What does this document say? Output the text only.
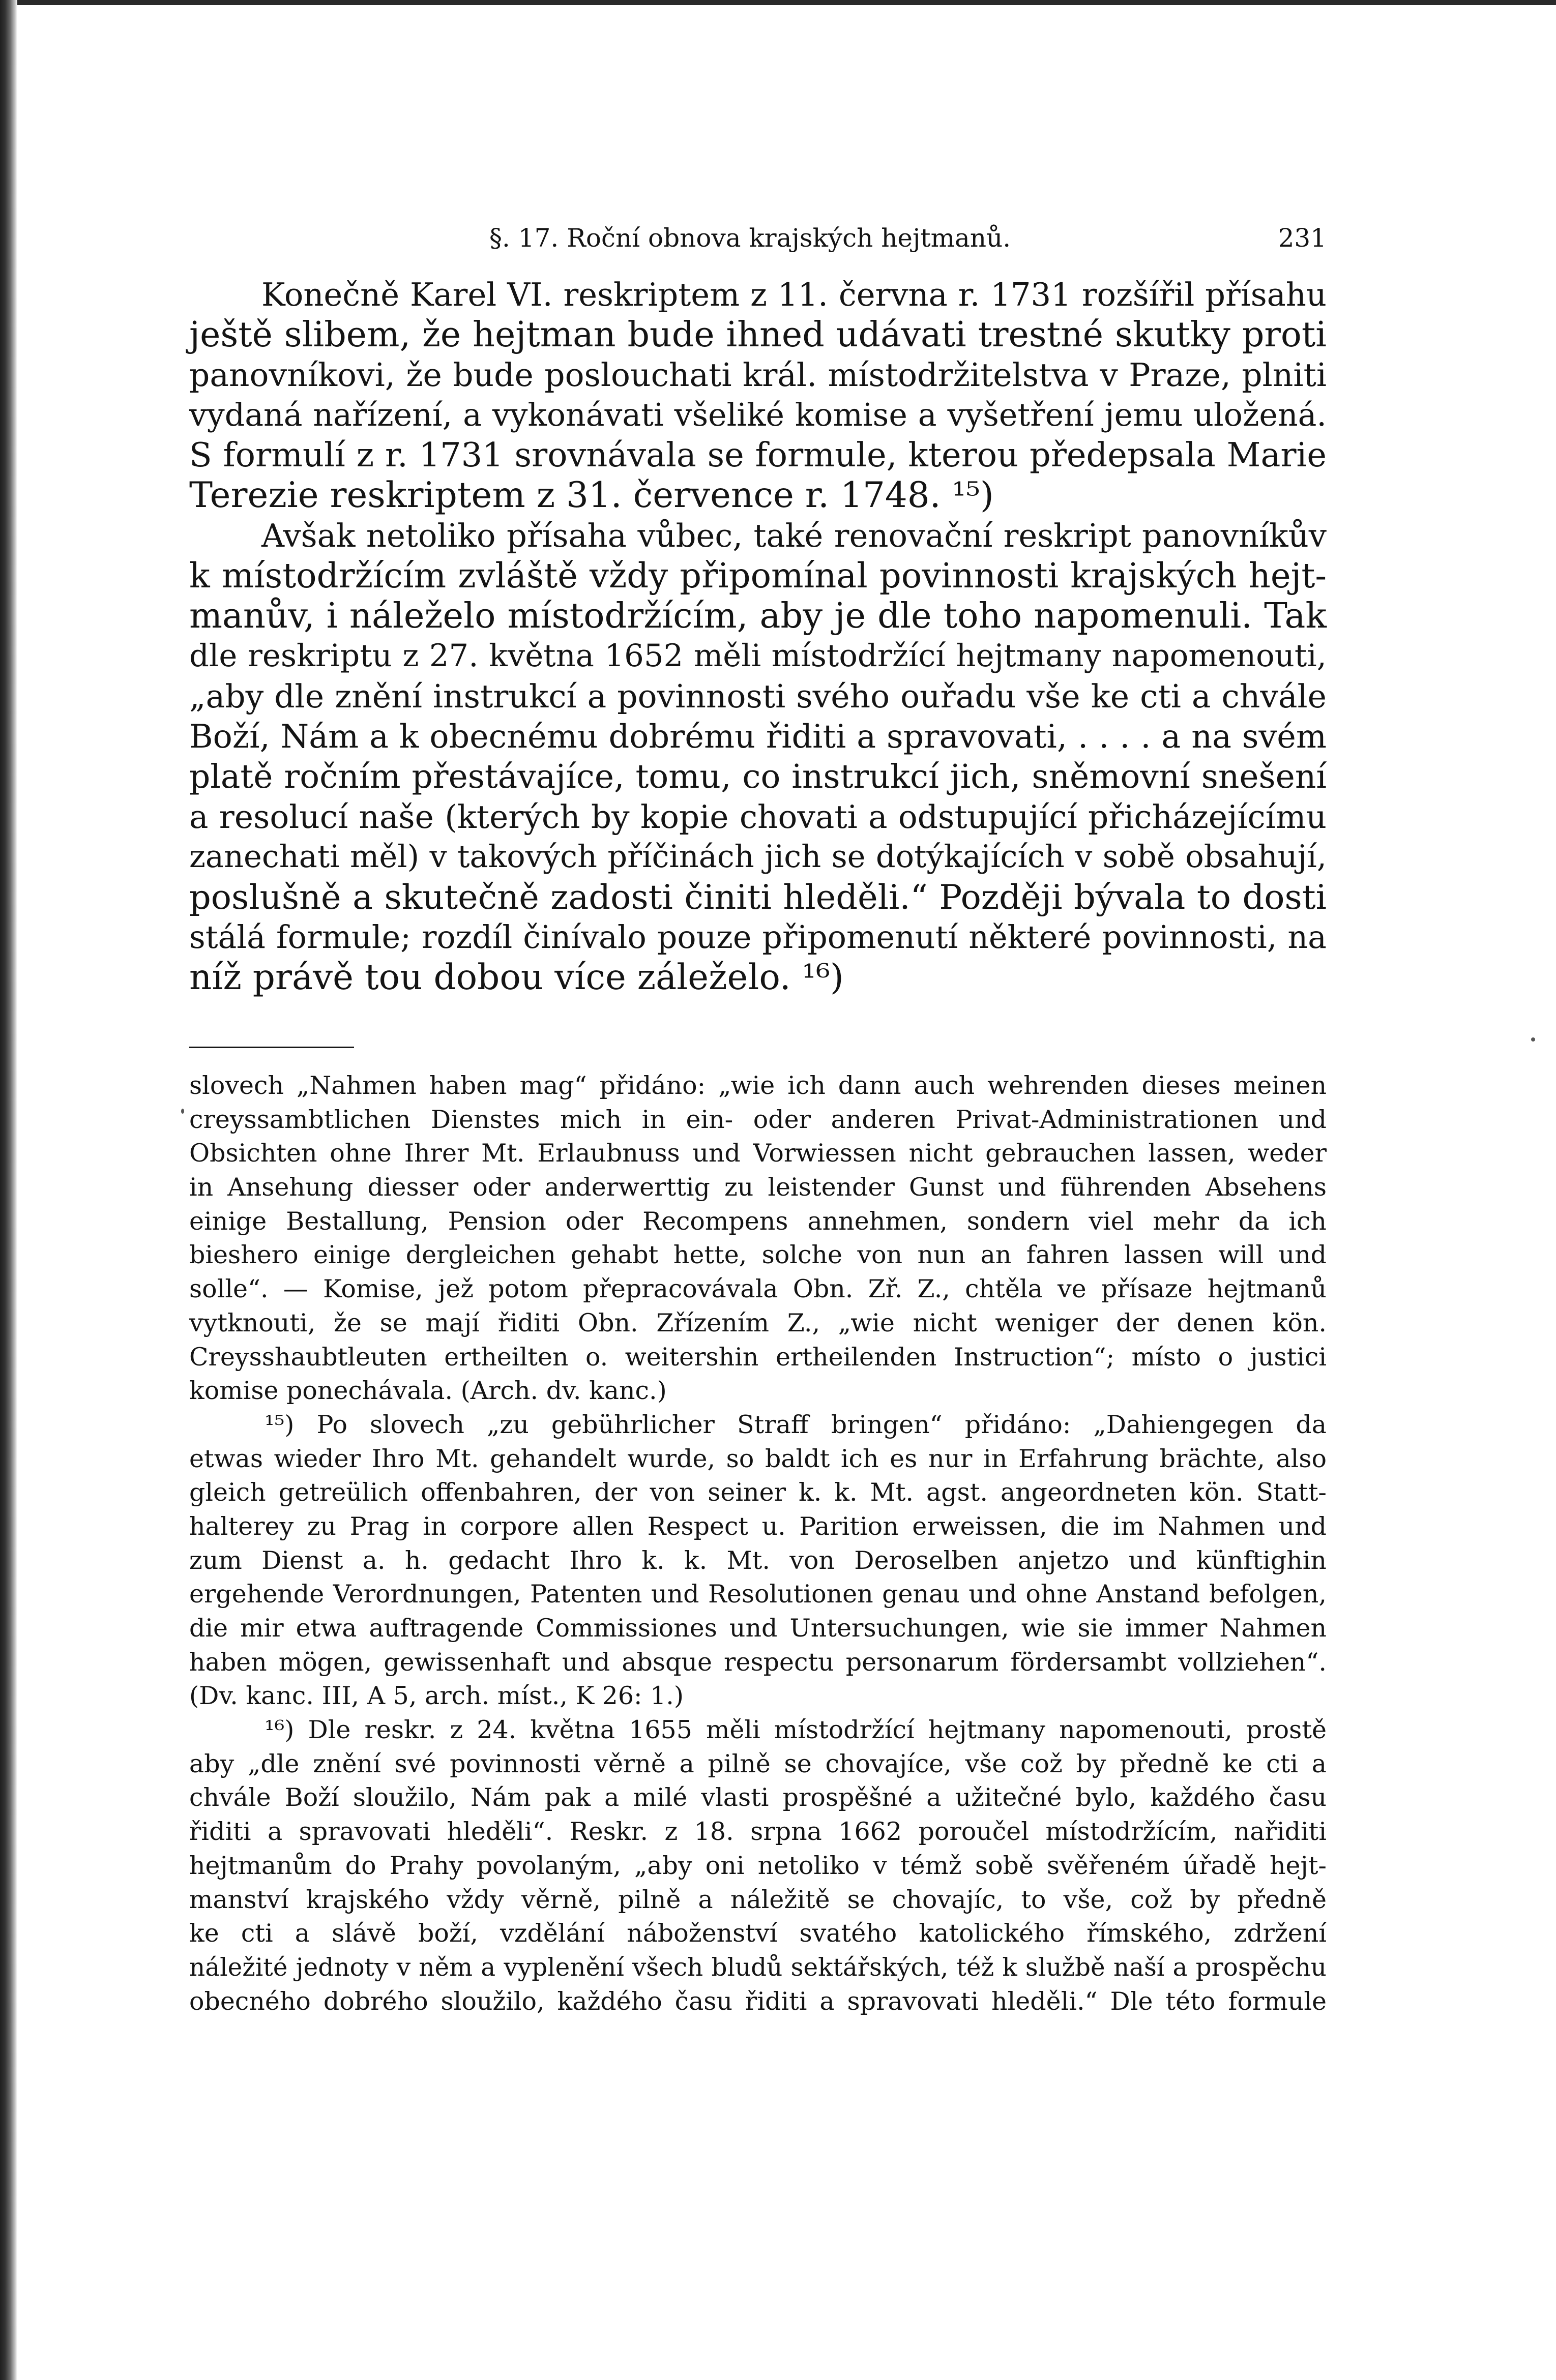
§. 17. Roční obnova krajských hejtmanů.	231
Konečně Karel VI. reskriptem z 11. června r. 1731 rozšířil přísahu
ještě slibem, že hejtman bude ihned udávati trestné skutky proti
panovníkovi, že bude poslouchati král. místodržitelstva v Praze, plniti
vydaná nařízení, a vykonávati všeliké komise a vyšetření jemu uložená.
S formulí z r. 1731 srovnávala se formule, kterou předepsala Marie
Terezie reskriptem z 31. července r. 1748. ¹⁵)
Avšak netoliko přísaha vůbec, také renovační reskript panovníkův
k místodržícím zvláště vždy připomínal povinnosti krajských hejt-
manův, i náleželo místodržícím, aby je dle toho napomenuli. Tak
dle reskriptu z 27. května 1652 měli místodržící hejtmany napomenouti,
„aby dle znění instrukcí a povinnosti svého ouřadu vše ke cti a chvále
Boží, Nám a k obecnému dobrému řiditi a spravovati, . . . . a na svém
platě ročním přestávajíce, tomu, co instrukcí jich, sněmovní snešení
a resolucí naše (kterých by kopie chovati a odstupující přicházejícímu
zanechati měl) v takových příčinách jich se dotýkajících v sobě obsahují,
poslušně a skutečně zadosti činiti hleděli.“ Později bývala to dosti
stálá formule; rozdíl činívalo pouze připomenutí některé povinnosti, na
níž právě tou dobou více záleželo. ¹⁶)
slovech „Nahmen haben mag“ přidáno: „wie ich dann auch wehrenden dieses meinen
creyssambtlichen Dienstes mich in ein- oder anderen Privat-Administrationen und
Obsichten ohne Ihrer Mt. Erlaubnuss und Vorwiessen nicht gebrauchen lassen, weder
in Ansehung diesser oder anderwerttig zu leistender Gunst und führenden Absehens
einige Bestallung, Pension oder Recompens annehmen, sondern viel mehr da ich
bieshero einige dergleichen gehabt hette, solche von nun an fahren lassen will und
solle“. — Komise, jež potom přepracovávala Obn. Zř. Z., chtěla ve přísaze hejtmanů
vytknouti, že se mají řiditi Obn. Zřízením Z., „wie nicht weniger der denen kön.
Creysshaubtleuten ertheilten o. weitershin ertheilenden Instruction“; místo o justici
komise ponechávala. (Arch. dv. kanc.)
¹⁵) Po slovech „zu gebührlicher Straff bringen“ přidáno: „Dahiengegen da
etwas wieder Ihro Mt. gehandelt wurde, so baldt ich es nur in Erfahrung brächte, also
gleich getreülich offenbahren, der von seiner k. k. Mt. agst. angeordneten kön. Statt-
halterey zu Prag in corpore allen Respect u. Parition erweissen, die im Nahmen und
zum Dienst a. h. gedacht Ihro k. k. Mt. von Deroselben anjetzo und künftighin
ergehende Verordnungen, Patenten und Resolutionen genau und ohne Anstand befolgen,
die mir etwa auftragende Commissiones und Untersuchungen, wie sie immer Nahmen
haben mögen, gewissenhaft und absque respectu personarum fördersambt vollziehen“.
(Dv. kanc. III, A 5, arch. míst., K 26: 1.)
¹⁶) Dle reskr. z 24. května 1655 měli místodržící hejtmany napomenouti, prostě
aby „dle znění své povinnosti věrně a pilně se chovajíce, vše což by předně ke cti a
chvále Boží sloužilo, Nám pak a milé vlasti prospěšné a užitečné bylo, každého času
řiditi a spravovati hleděli“. Reskr. z 18. srpna 1662 poroučel místodržícím, nařiditi
hejtmanům do Prahy povolaným, „aby oni netoliko v témž sobě svěřeném úřadě hejt-
manství krajského vždy věrně, pilně a náležitě se chovajíc, to vše, což by předně
ke cti a slávě boží, vzdělání náboženství svatého katolického římského, zdržení
náležité jednoty v něm a vyplenění všech bludů sektářských, též k službě naší a prospěchu
obecného dobrého sloužilo, každého času řiditi a spravovati hleděli.“ Dle této formule
